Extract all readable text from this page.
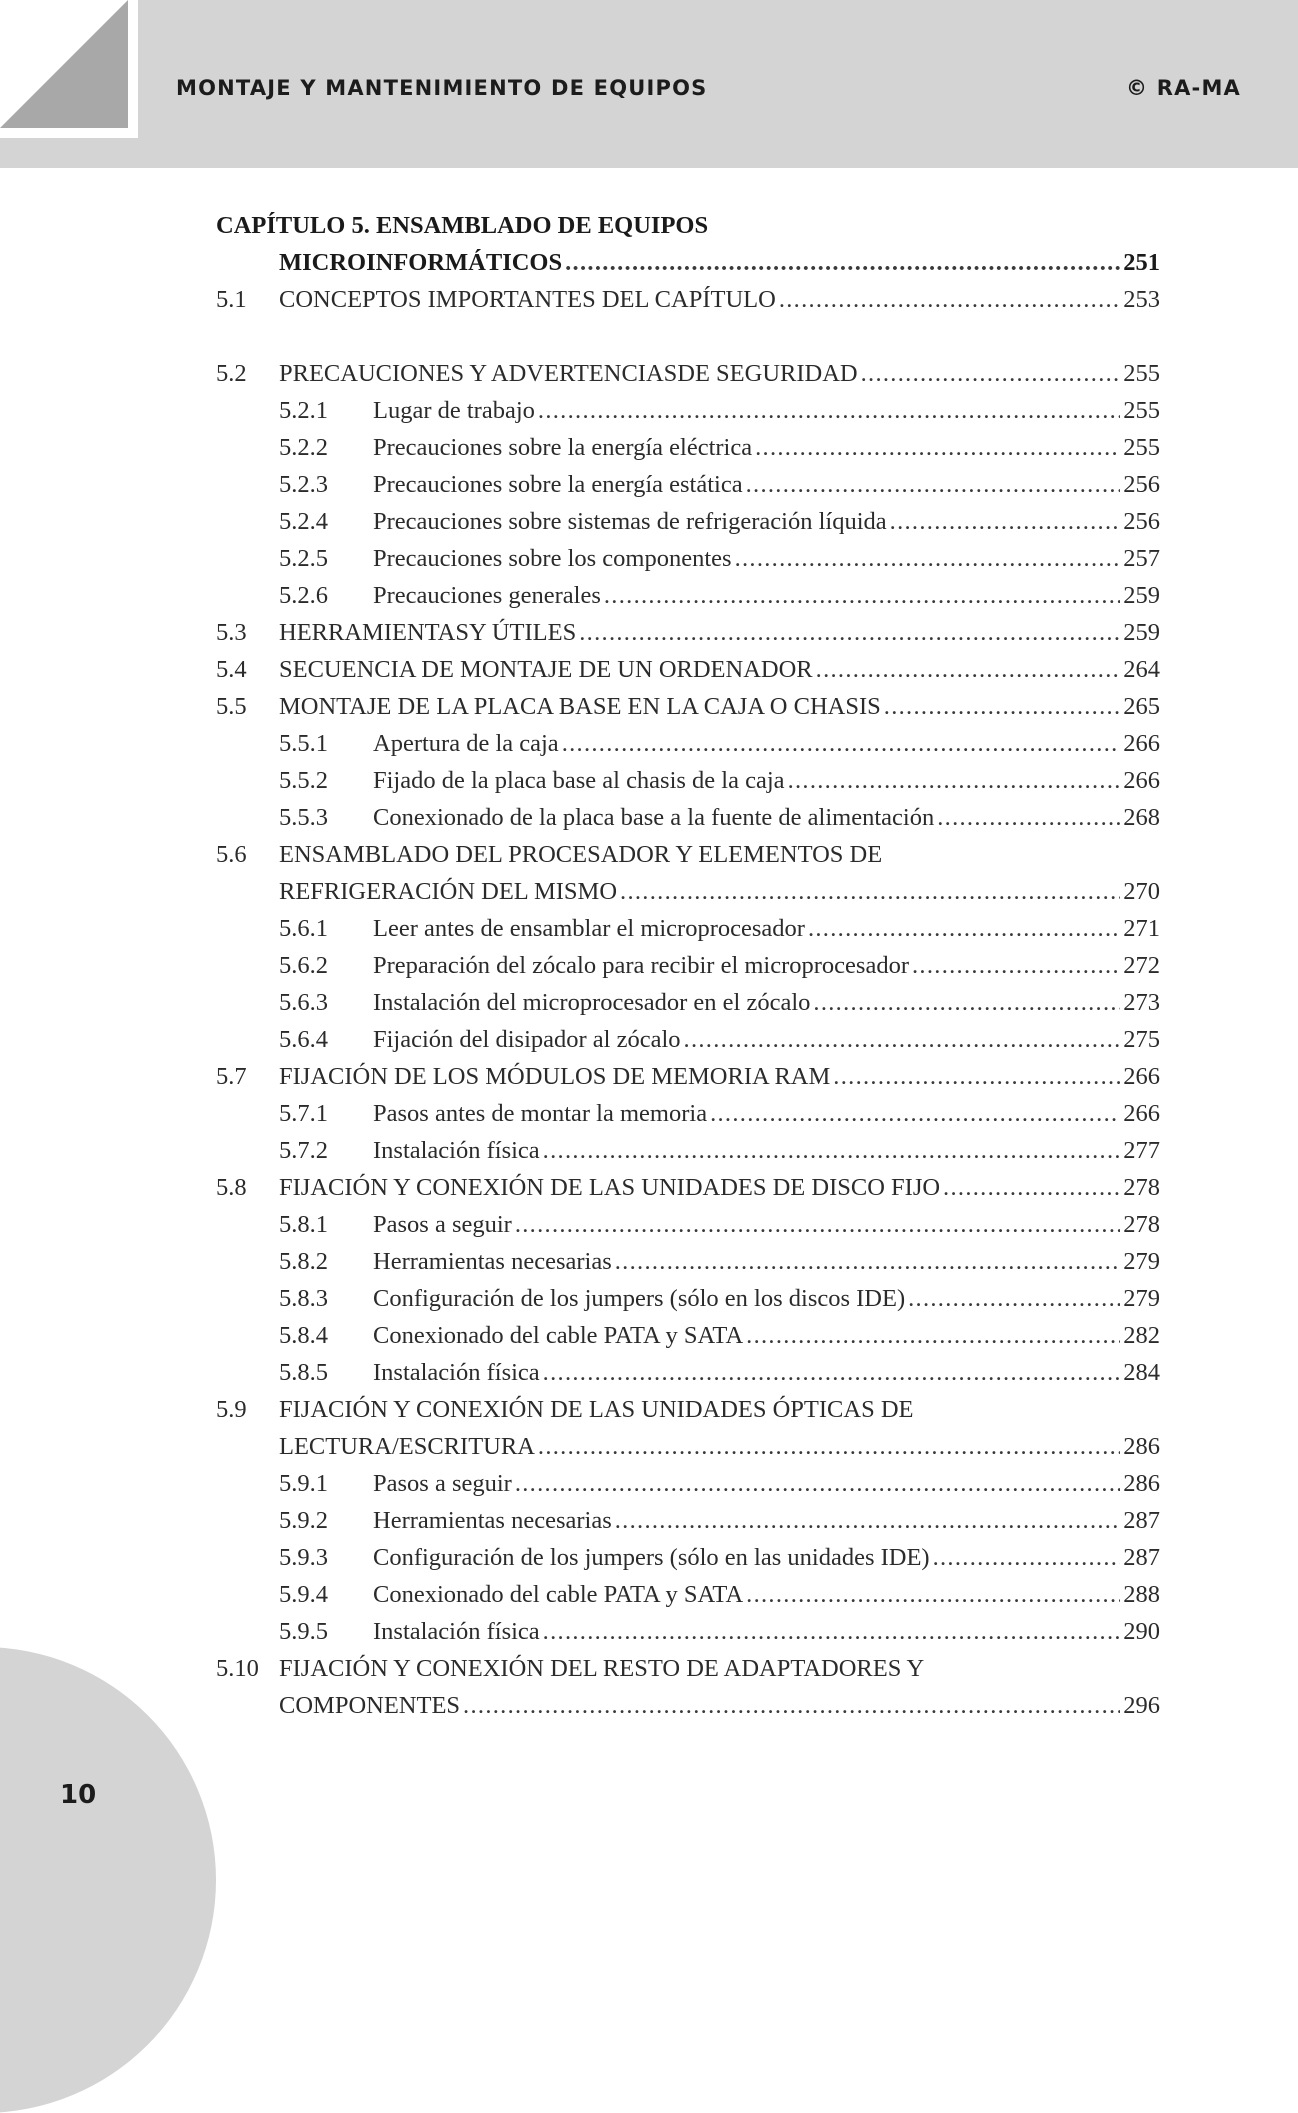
MONTAJE Y MANTENIMIENTO DE EQUIPOS	© RA-MA
10
CAPÍTULO 5. ENSAMBLADO DE EQUIPOS
MICROINFORMÁTICOS .....	251
5.1	CONCEPTOS IMPORTANTES DEL CAPÍTULO .....	253
5.2	PRECAUCIONES Y ADVERTENCIASDE SEGURIDAD .....	255
5.2.1	Lugar de trabajo .....	255
5.2.2	Precauciones sobre la energía eléctrica .....	255
5.2.3	Precauciones sobre la energía estática .....	256
5.2.4	Precauciones sobre sistemas de refrigeración líquida .....	256
5.2.5	Precauciones sobre los componentes .....	257
5.2.6	Precauciones generales .....	259
5.3	HERRAMIENTASY ÚTILES .....	259
5.4	SECUENCIA DE MONTAJE DE UN ORDENADOR .....	264
5.5	MONTAJE DE LA PLACA BASE EN LA CAJA O CHASIS .....	265
5.5.1	Apertura de la caja .....	266
5.5.2	Fijado de la placa base al chasis de la caja .....	266
5.5.3	Conexionado de la placa base a la fuente de alimentación .....	268
5.6	ENSAMBLADO DEL PROCESADOR Y ELEMENTOS DE
REFRIGERACIÓN DEL MISMO .....	270
5.6.1	Leer antes de ensamblar el microprocesador .....	271
5.6.2	Preparación del zócalo para recibir el microprocesador .....	272
5.6.3	Instalación del microprocesador en el zócalo .....	273
5.6.4	Fijación del disipador al zócalo .....	275
5.7	FIJACIÓN DE LOS MÓDULOS DE MEMORIA RAM .....	266
5.7.1	Pasos antes de montar la memoria .....	266
5.7.2	Instalación física .....	277
5.8	FIJACIÓN Y CONEXIÓN DE LAS UNIDADES DE DISCO FIJO .....	278
5.8.1	Pasos a seguir .....	278
5.8.2	Herramientas necesarias .....	279
5.8.3	Configuración de los jumpers (sólo en los discos IDE) .....	279
5.8.4	Conexionado del cable PATA y SATA .....	282
5.8.5	Instalación física .....	284
5.9	FIJACIÓN Y CONEXIÓN DE LAS UNIDADES ÓPTICAS DE
LECTURA/ESCRITURA .....	286
5.9.1	Pasos a seguir .....	286
5.9.2	Herramientas necesarias .....	287
5.9.3	Configuración de los jumpers (sólo en las unidades IDE) .....	287
5.9.4	Conexionado del cable PATA y SATA .....	288
5.9.5	Instalación física .....	290
5.10 FIJACIÓN Y CONEXIÓN DEL RESTO DE ADAPTADORES Y
COMPONENTES .....	296
